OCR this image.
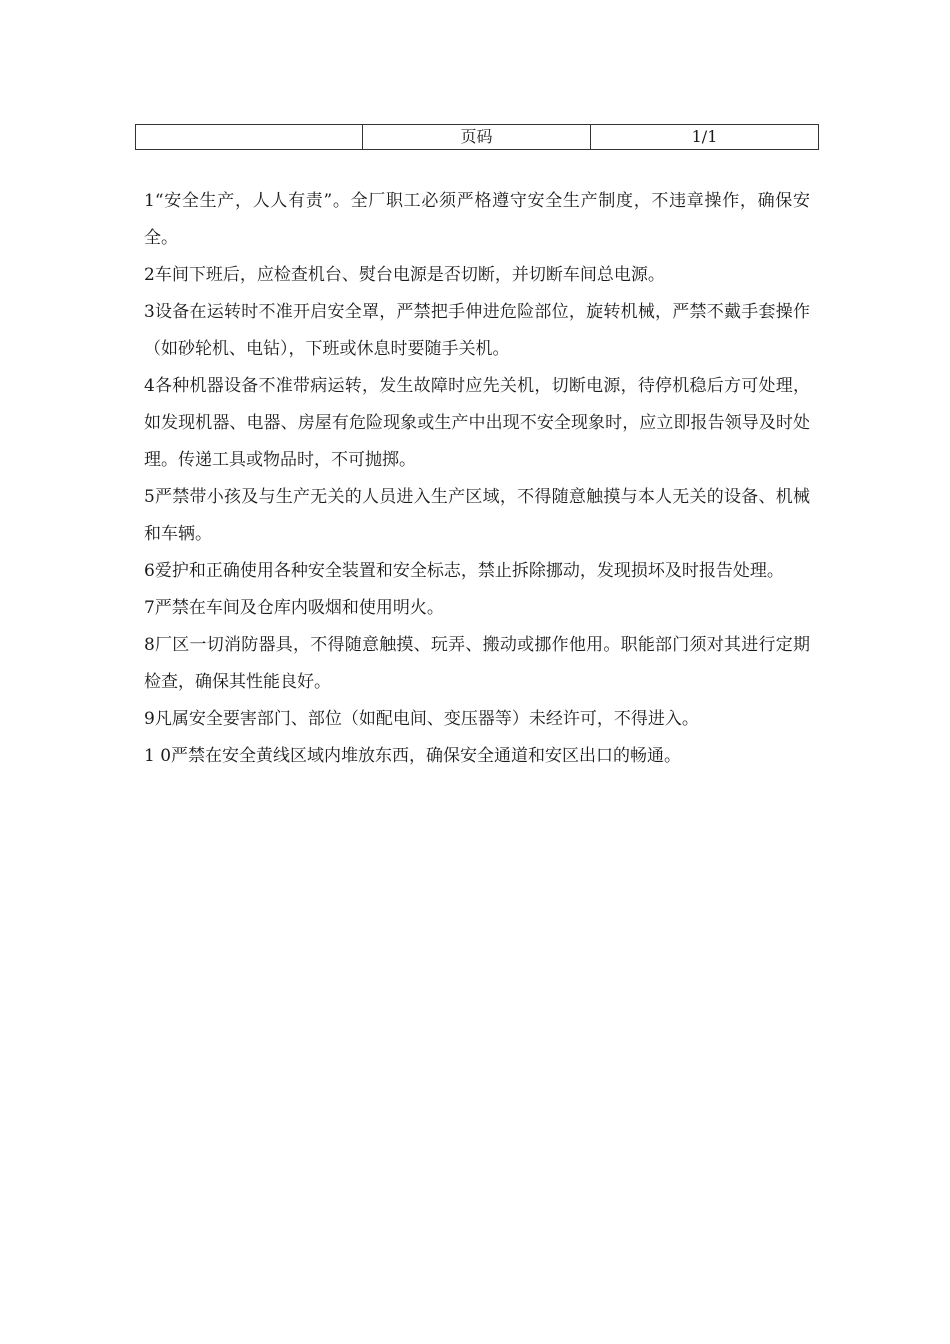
	页码	1/1

1“安全生产，人人有责”。全厂职工必须严格遵守安全生产制度，不违章操作，确保安全。

2车间下班后，应检查机台、熨台电源是否切断，并切断车间总电源。

3设备在运转时不准开启安全罩，严禁把手伸进危险部位，旋转机械，严禁不戴手套操作（如砂轮机、电钻），下班或休息时要随手关机。

4各种机器设备不准带病运转，发生故障时应先关机，切断电源，待停机稳后方可处理，如发现机器、电器、房屋有危险现象或生产中出现不安全现象时，应立即报告领导及时处理。传递工具或物品时，不可抛掷。

5严禁带小孩及与生产无关的人员进入生产区域，不得随意触摸与本人无关的设备、机械和车辆。

6爱护和正确使用各种安全装置和安全标志，禁止拆除挪动，发现损坏及时报告处理。

7严禁在车间及仓库内吸烟和使用明火。

8厂区一切消防器具，不得随意触摸、玩弄、搬动或挪作他用。职能部门须对其进行定期检查，确保其性能良好。

9凡属安全要害部门、部位（如配电间、变压器等）未经许可，不得进入。

1 0严禁在安全黄线区域内堆放东西，确保安全通道和安区出口的畅通。
